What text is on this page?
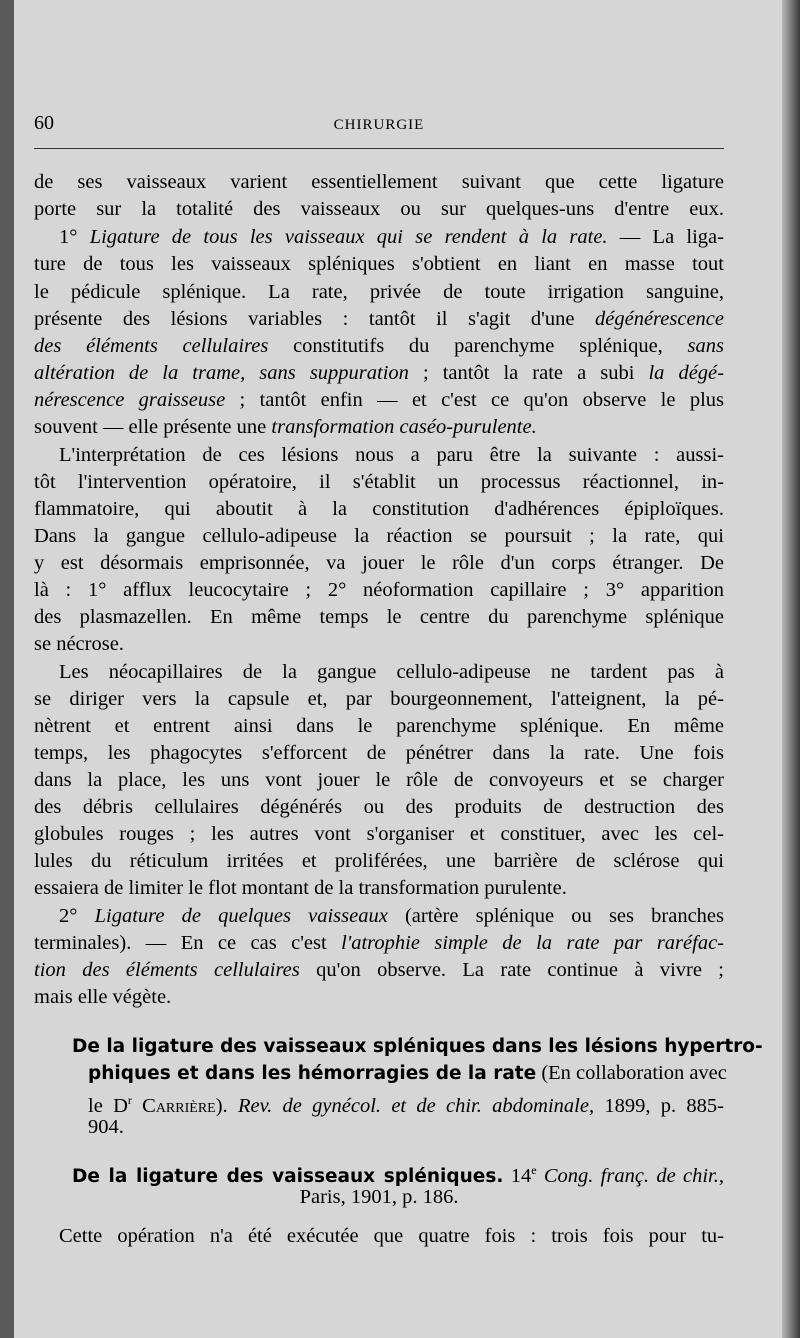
60	CHIRURGIE
de ses vaisseaux varient essentiellement suivant que cette ligature
porte sur la totalité des vaisseaux ou sur quelques-uns d'entre eux.
1° Ligature de tous les vaisseaux qui se rendent à la rate. — La liga-
ture de tous les vaisseaux spléniques s'obtient en liant en masse tout
le pédicule splénique. La rate, privée de toute irrigation sanguine,
présente des lésions variables : tantôt il s'agit d'une dégénérescence
des éléments cellulaires constitutifs du parenchyme splénique, sans
altération de la trame, sans suppuration ; tantôt la rate a subi la dégé-
nérescence graisseuse ; tantôt enfin — et c'est ce qu'on observe le plus
souvent — elle présente une transformation caséo-purulente.
L'interprétation de ces lésions nous a paru être la suivante : aussi-
tôt l'intervention opératoire, il s'établit un processus réactionnel, in-
flammatoire, qui aboutit à la constitution d'adhérences épiploïques.
Dans la gangue cellulo-adipeuse la réaction se poursuit ; la rate, qui
y est désormais emprisonnée, va jouer le rôle d'un corps étranger. De
là : 1° afflux leucocytaire ; 2° néoformation capillaire ; 3° apparition
des plasmazellen. En même temps le centre du parenchyme splénique
se nécrose.
Les néocapillaires de la gangue cellulo-adipeuse ne tardent pas à
se diriger vers la capsule et, par bourgeonnement, l'atteignent, la pé-
nètrent et entrent ainsi dans le parenchyme splénique. En même
temps, les phagocytes s'efforcent de pénétrer dans la rate. Une fois
dans la place, les uns vont jouer le rôle de convoyeurs et se charger
des débris cellulaires dégénérés ou des produits de destruction des
globules rouges ; les autres vont s'organiser et constituer, avec les cel-
lules du réticulum irritées et proliférées, une barrière de sclérose qui
essaiera de limiter le flot montant de la transformation purulente.
2° Ligature de quelques vaisseaux (artère splénique ou ses branches
terminales). — En ce cas c'est l'atrophie simple de la rate par raréfac-
tion des éléments cellulaires qu'on observe. La rate continue à vivre ;
mais elle végète.
De la ligature des vaisseaux spléniques dans les lésions hypertro-
phiques et dans les hémorragies de la rate (En collaboration avec
le $D^r$ Carrière). Rev. de gynécol. et de chir. abdominale, 1899, p. 885-
904.
De la ligature des vaisseaux spléniques. 14e Cong. franç. de chir.,
Paris, 1901, p. 186.
Cette opération n'a été exécutée que quatre fois : trois fois pour tu-
